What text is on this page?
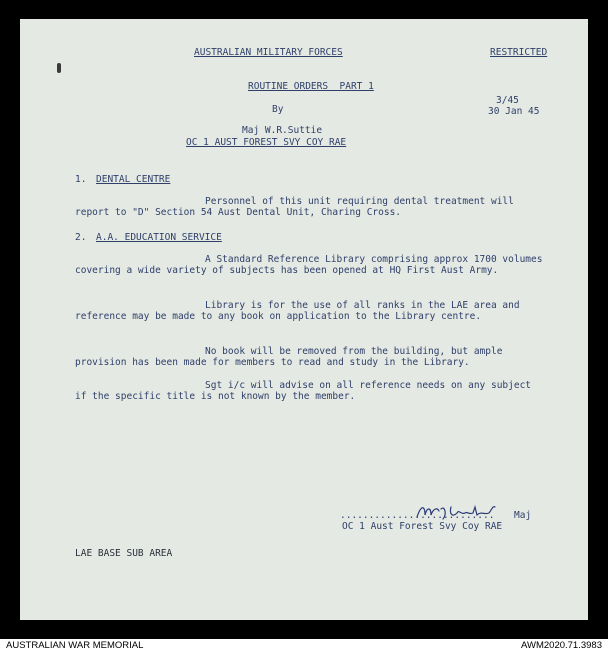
AUSTRALIAN MILITARY FORCES	RESTRICTED
ROUTINE ORDERS  PART 1
By
3/45
30 Jan 45
Maj W.R.Suttie
OC 1 AUST FOREST SVY COY RAE
1. DENTAL CENTRE
Personnel of this unit requiring dental treatment will report to "D" Section 54 Aust Dental Unit, Charing Cross.
2. A.A. EDUCATION SERVICE
A Standard Reference Library comprising approx 1700 volumes covering a wide variety of subjects has been opened at HQ First Aust Army.
Library is for the use of all ranks in the LAE area and reference may be made to any book on application to the Library centre.
No book will be removed from the building, but ample provision has been made for members to read and study in the Library.
Sgt i/c will advise on all reference needs on any subject if the specific title is not known by the member.
........................... Maj
OC 1 Aust Forest Svy Coy RAE
LAE BASE SUB AREA
AUSTRALIAN WAR MEMORIAL	AWM2020.71.3983
